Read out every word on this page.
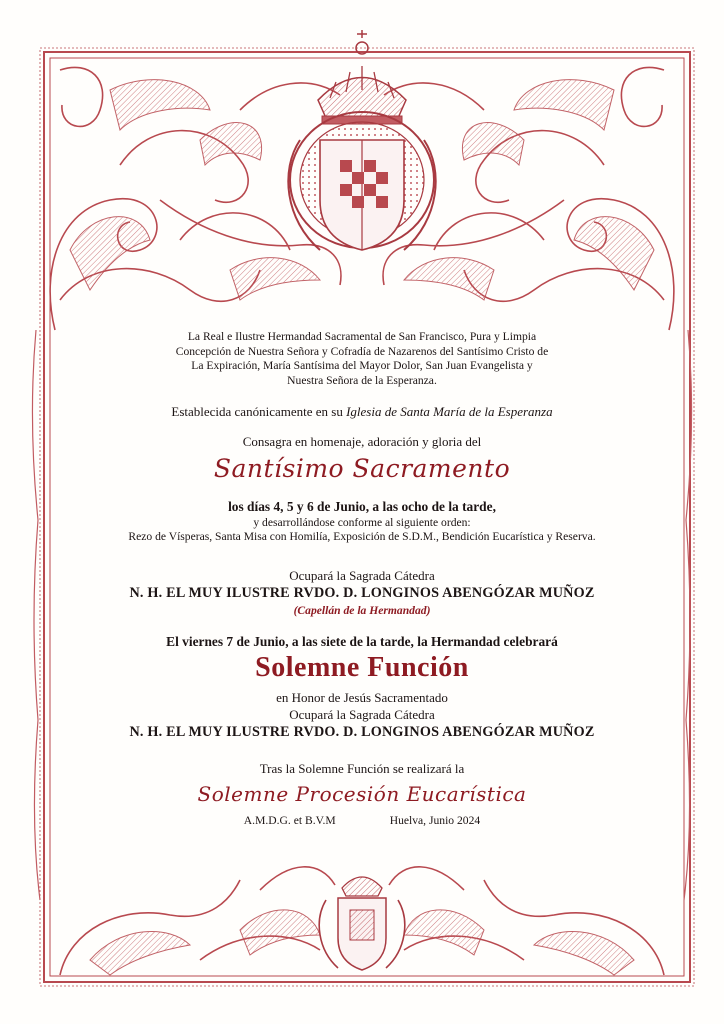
La Real e Ilustre Hermandad Sacramental de San Francisco, Pura y Limpia
Concepción de Nuestra Señora y Cofradía de Nazarenos del Santísimo Cristo de
La Expiración, María Santísima del Mayor Dolor, San Juan Evangelista y
Nuestra Señora de la Esperanza.
Establecida canónicamente en su Iglesia de Santa María de la Esperanza
Consagra en homenaje, adoración y gloria del
Santísimo Sacramento
los días 4, 5 y 6 de Junio, a las ocho de la tarde,
y desarrollándose conforme al siguiente orden:
Rezo de Vísperas, Santa Misa con Homilía, Exposición de S.D.M., Bendición Eucarística y Reserva.
Ocupará la Sagrada Cátedra
N. H. EL MUY ILUSTRE RVDO. D. LONGINOS ABENGÓZAR MUÑOZ
(Capellán de la Hermandad)
El viernes 7 de Junio, a las siete de la tarde, la Hermandad celebrará
Solemne Función
en Honor de Jesús Sacramentado
Ocupará la Sagrada Cátedra
N. H. EL MUY ILUSTRE RVDO. D. LONGINOS ABENGÓZAR MUÑOZ
Tras la Solemne Función se realizará la
Solemne Procesión Eucarística
A.M.D.G. et B.V.M	Huelva, Junio 2024
